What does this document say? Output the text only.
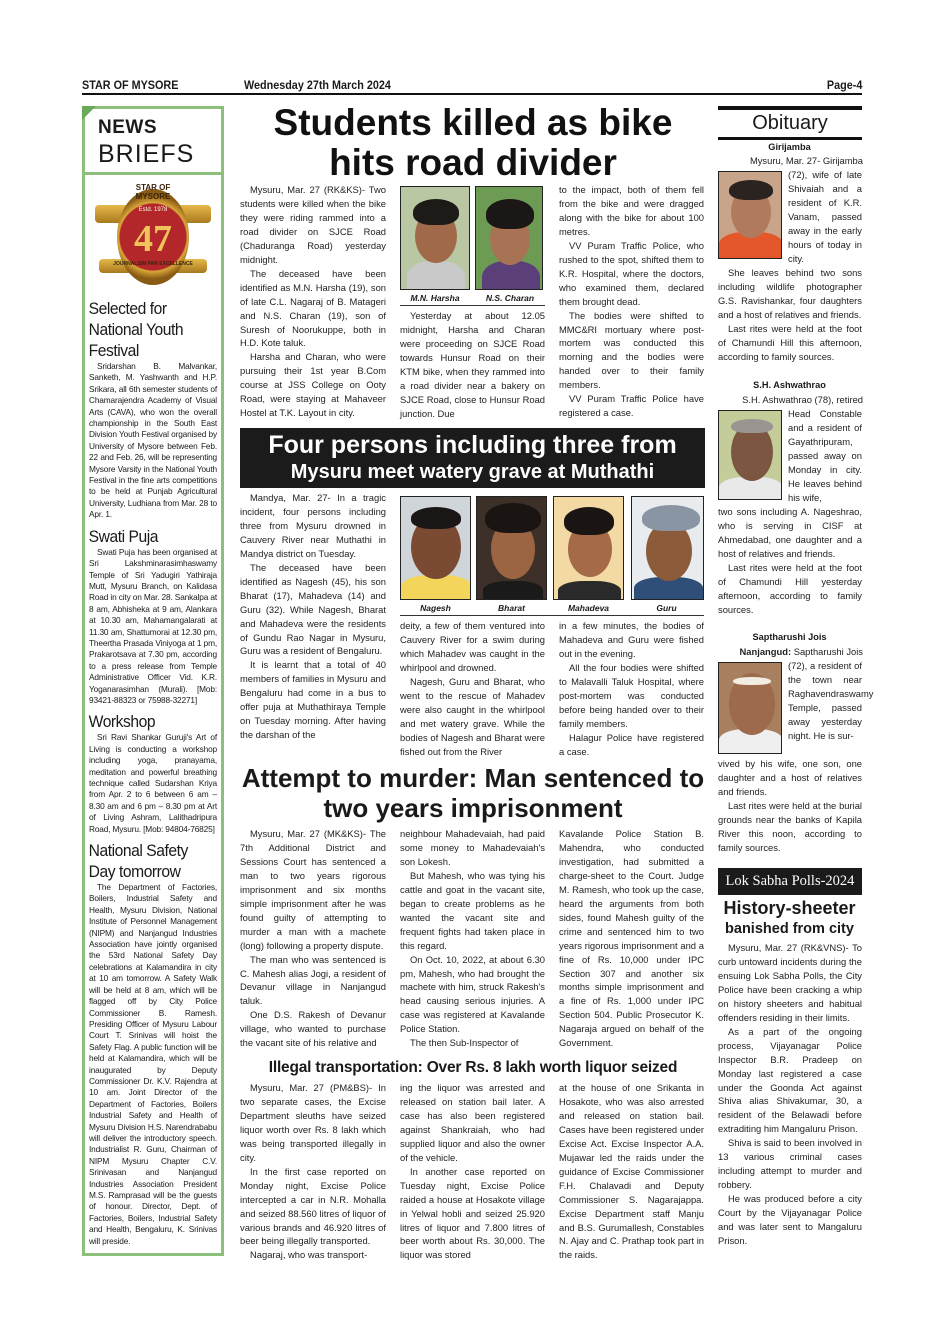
STAR OF MYSORE	Wednesday 27th March 2024	Page-4
NEWS
BRIEFS
STAR OF MYSORE
Estd. 1978
47
JOURNALISM PAR EXCELLENCE
Selected for National Youth Festival
Sridarshan B. Malvankar, Sanketh, M. Yashwanth and H.P. Srikara, all 6th semester students of Chamarajendra Academy of Visual Arts (CAVA), who won the overall championship in the South East Division Youth Festival organised by University of Mysore between Feb. 22 and Feb. 26, will be representing Mysore Varsity in the National Youth Festival in the fine arts competitions to be held at Punjab Agricultural University, Ludhiana from Mar. 28 to Apr. 1.
Swati Puja
Swati Puja has been organised at Sri Lakshminarasimhaswamy Temple of Sri Yadugiri Yathiraja Mutt, Mysuru Branch, on Kalidasa Road in city on Mar. 28. Sankalpa at 8 am, Abhisheka at 9 am, Alankara at 10.30 am, Mahamangalarati at 11.30 am, Shattumorai at 12.30 pm, Theertha Prasada Viniyoga at 1 pm, Prakarotsava at 7.30 pm, according to a press release from Temple Administrative Officer Vid. K.R. Yoganarasimhan (Murali). [Mob: 93421-88323 or 75988-32271]
Workshop
Sri Ravi Shankar Guruji's Art of Living is conducting a workshop including yoga, pranayama, meditation and powerful breathing technique called Sudarshan Kriya from Apr. 2 to 6 between 6 am – 8.30 am and 6 pm – 8.30 pm at Art of Living Ashram, Lalithadripura Road, Mysuru. [Mob: 94804-76825]
National Safety Day tomorrow
The Department of Factories, Boilers, Industrial Safety and Health, Mysuru Division, National Institute of Personnel Management (NIPM) and Nanjangud Industries Association have jointly organised the 53rd National Safety Day celebrations at Kalamandira in city at 10 am tomorrow. A Safety Walk will be held at 8 am, which will be flagged off by City Police Commissioner B. Ramesh. Presiding Officer of Mysuru Labour Court T. Srinivas will hoist the Safety Flag. A public function will be held at Kalamandira, which will be inaugurated by Deputy Commissioner Dr. K.V. Rajendra at 10 am. Joint Director of the Department of Factories, Boilers Industrial Safety and Health of Mysuru Division H.S. Narendrababu will deliver the introductory speech. Industrialist R. Guru, Chairman of NIPM Mysuru Chapter C.V. Srinivasan and Nanjangud Industries Association President M.S. Ramprasad will be the guests of honour. Director, Dept. of Factories, Boilers, Industrial Safety and Health, Bengaluru, K. Srinivas will preside.
Students killed as bike hits road divider

Mysuru, Mar. 27 (RK&KS)- Two students were killed when the bike they were riding rammed into a road divider on SJCE Road (Chaduranga Road) yesterday midnight.

The deceased have been identified as M.N. Harsha (19), son of late C.L. Nagaraj of B. Matageri and N.S. Charan (19), son of Suresh of Noorukuppe, both in H.D. Kote taluk.

Harsha and Charan, who were pursuing their 1st year B.Com course at JSS College on Ooty Road, were staying at Mahaveer Hostel at T.K. Layout in city.

M.N. Harsha	N.S. Charan

Yesterday at about 12.05 midnight, Harsha and Charan were proceeding on SJCE Road towards Hunsur Road on their KTM bike, when they rammed into a road divider near a bakery on SJCE Road, close to Hunsur Road junction. Due

to the impact, both of them fell from the bike and were dragged along with the bike for about 100 metres.

VV Puram Traffic Police, who rushed to the spot, shifted them to K.R. Hospital, where the doctors, who examined them, declared them brought dead.

The bodies were shifted to MMC&RI mortuary where post-mortem was conducted this morning and the bodies were handed over to their family members.

VV Puram Traffic Police have registered a case.

Four persons including three from
Mysuru meet watery grave at Muthathi

Mandya, Mar. 27- In a tragic incident, four persons including three from Mysuru drowned in Cauvery River near Muthathi in Mandya district on Tuesday.

The deceased have been identified as Nagesh (45), his son Bharat (17), Mahadeva (14) and Guru (32). While Nagesh, Bharat and Mahadeva were the residents of Gundu Rao Nagar in Mysuru, Guru was a resident of Bengaluru.

It is learnt that a total of 40 members of families in Mysuru and Bengaluru had come in a bus to offer puja at Muthathiraya Temple on Tuesday morning. After having the darshan of the

Nagesh	Bharat	Mahadeva	Guru

deity, a few of them ventured into Cauvery River for a swim during which Mahadev was caught in the whirlpool and drowned.

Nagesh, Guru and Bharat, who went to the rescue of Mahadev were also caught in the whirlpool and met watery grave. While the bodies of Nagesh and Bharat were fished out from the River

in a few minutes, the bodies of Mahadeva and Guru were fished out in the evening.

All the four bodies were shifted to Malavalli Taluk Hospital, where post-mortem was conducted before being handed over to their family members.

Halagur Police have registered a case.

Attempt to murder: Man sentenced to two years imprisonment

Mysuru, Mar. 27 (MK&KS)- The 7th Additional District and Sessions Court has sentenced a man to two years rigorous imprisonment and six months simple imprisonment after he was found guilty of attempting to murder a man with a machete (long) following a property dispute.

The man who was sentenced is C. Mahesh alias Jogi, a resident of Devanur village in Nanjangud taluk.

One D.S. Rakesh of Devanur village, who wanted to purchase the vacant site of his relative and

neighbour Mahadevaiah, had paid some money to Mahadevaiah's son Lokesh.

But Mahesh, who was tying his cattle and goat in the vacant site, began to create problems as he wanted the vacant site and frequent fights had taken place in this regard.

On Oct. 10, 2022, at about 6.30 pm, Mahesh, who had brought the machete with him, struck Rakesh's head causing serious injuries. A case was registered at Kavalande Police Station.

The then Sub-Inspector of

Kavalande Police Station B. Mahendra, who conducted investigation, had submitted a charge-sheet to the Court. Judge M. Ramesh, who took up the case, heard the arguments from both sides, found Mahesh guilty of the crime and sentenced him to two years rigorous imprisonment and a fine of Rs. 10,000 under IPC Section 307 and another six months simple imprisonment and a fine of Rs. 1,000 under IPC Section 504. Public Prosecutor K. Nagaraja argued on behalf of the Government.

Illegal transportation: Over Rs. 8 lakh worth liquor seized

Mysuru, Mar. 27 (PM&BS)- In two separate cases, the Excise Department sleuths have seized liquor worth over Rs. 8 lakh which was being transported illegally in city.

In the first case reported on Monday night, Excise Police intercepted a car in N.R. Mohalla and seized 88.560 litres of liquor of various brands and 46.920 litres of beer being illegally transported.

Nagaraj, who was transport-

ing the liquor was arrested and released on station bail later. A case has also been registered against Shankraiah, who had supplied liquor and also the owner of the vehicle.

In another case reported on Tuesday night, Excise Police raided a house at Hosakote village in Yelwal hobli and seized 25.920 litres of liquor and 7.800 litres of beer worth about Rs. 30,000. The liquor was stored

at the house of one Srikanta in Hosakote, who was also arrested and released on station bail. Cases have been registered under Excise Act. Excise Inspector A.A. Mujawar led the raids under the guidance of Excise Commissioner F.H. Chalavadi and Deputy Commissioner S. Nagarajappa. Excise Department staff Manju and B.S. Gurumallesh, Constables N. Ajay and C. Prathap took part in the raids.

Obituary
Girijamba
Mysuru, Mar. 27- Girijamba
(72), wife of late Shivaiah and a resident of K.R. Vanam, passed away in the early hours of today in city.

She leaves behind two sons including wildlife photographer G.S. Ravishankar, four daughters and a host of relatives and friends.

Last rites were held at the foot of Chamundi Hill this afternoon, according to family sources.

S.H. Ashwathrao
S.H. Ashwathrao (78), retired
Head Constable and a resident of Gayathripuram, passed away on Monday in city. He leaves behind his wife,

two sons including A. Nageshrao, who is serving in CISF at Ahmedabad, one daughter and a host of relatives and friends.

Last rites were held at the foot of Chamundi Hill yesterday afternoon, according to family sources.

Saptharushi Jois
Nanjangud: Saptharushi Jois
(72), a resident of the town near Raghavendraswamy Temple, passed away yesterday night. He is sur-

vived by his wife, one son, one daughter and a host of relatives and friends.

Last rites were held at the burial grounds near the banks of Kapila River this noon, according to family sources.

Lok Sabha Polls-2024
History-sheeter
banished from city

Mysuru, Mar. 27 (RK&VNS)- To curb untoward incidents during the ensuing Lok Sabha Polls, the City Police have been cracking a whip on history sheeters and habitual offenders residing in their limits.

As a part of the ongoing process, Vijayanagar Police Inspector B.R. Pradeep on Monday last registered a case under the Goonda Act against Shiva alias Shivakumar, 30, a resident of the Belawadi before extraditing him Mangaluru Prison.

Shiva is said to been involved in 13 various criminal cases including attempt to murder and robbery.

He was produced before a city Court by the Vijayanagar Police and was later sent to Mangaluru Prison.
